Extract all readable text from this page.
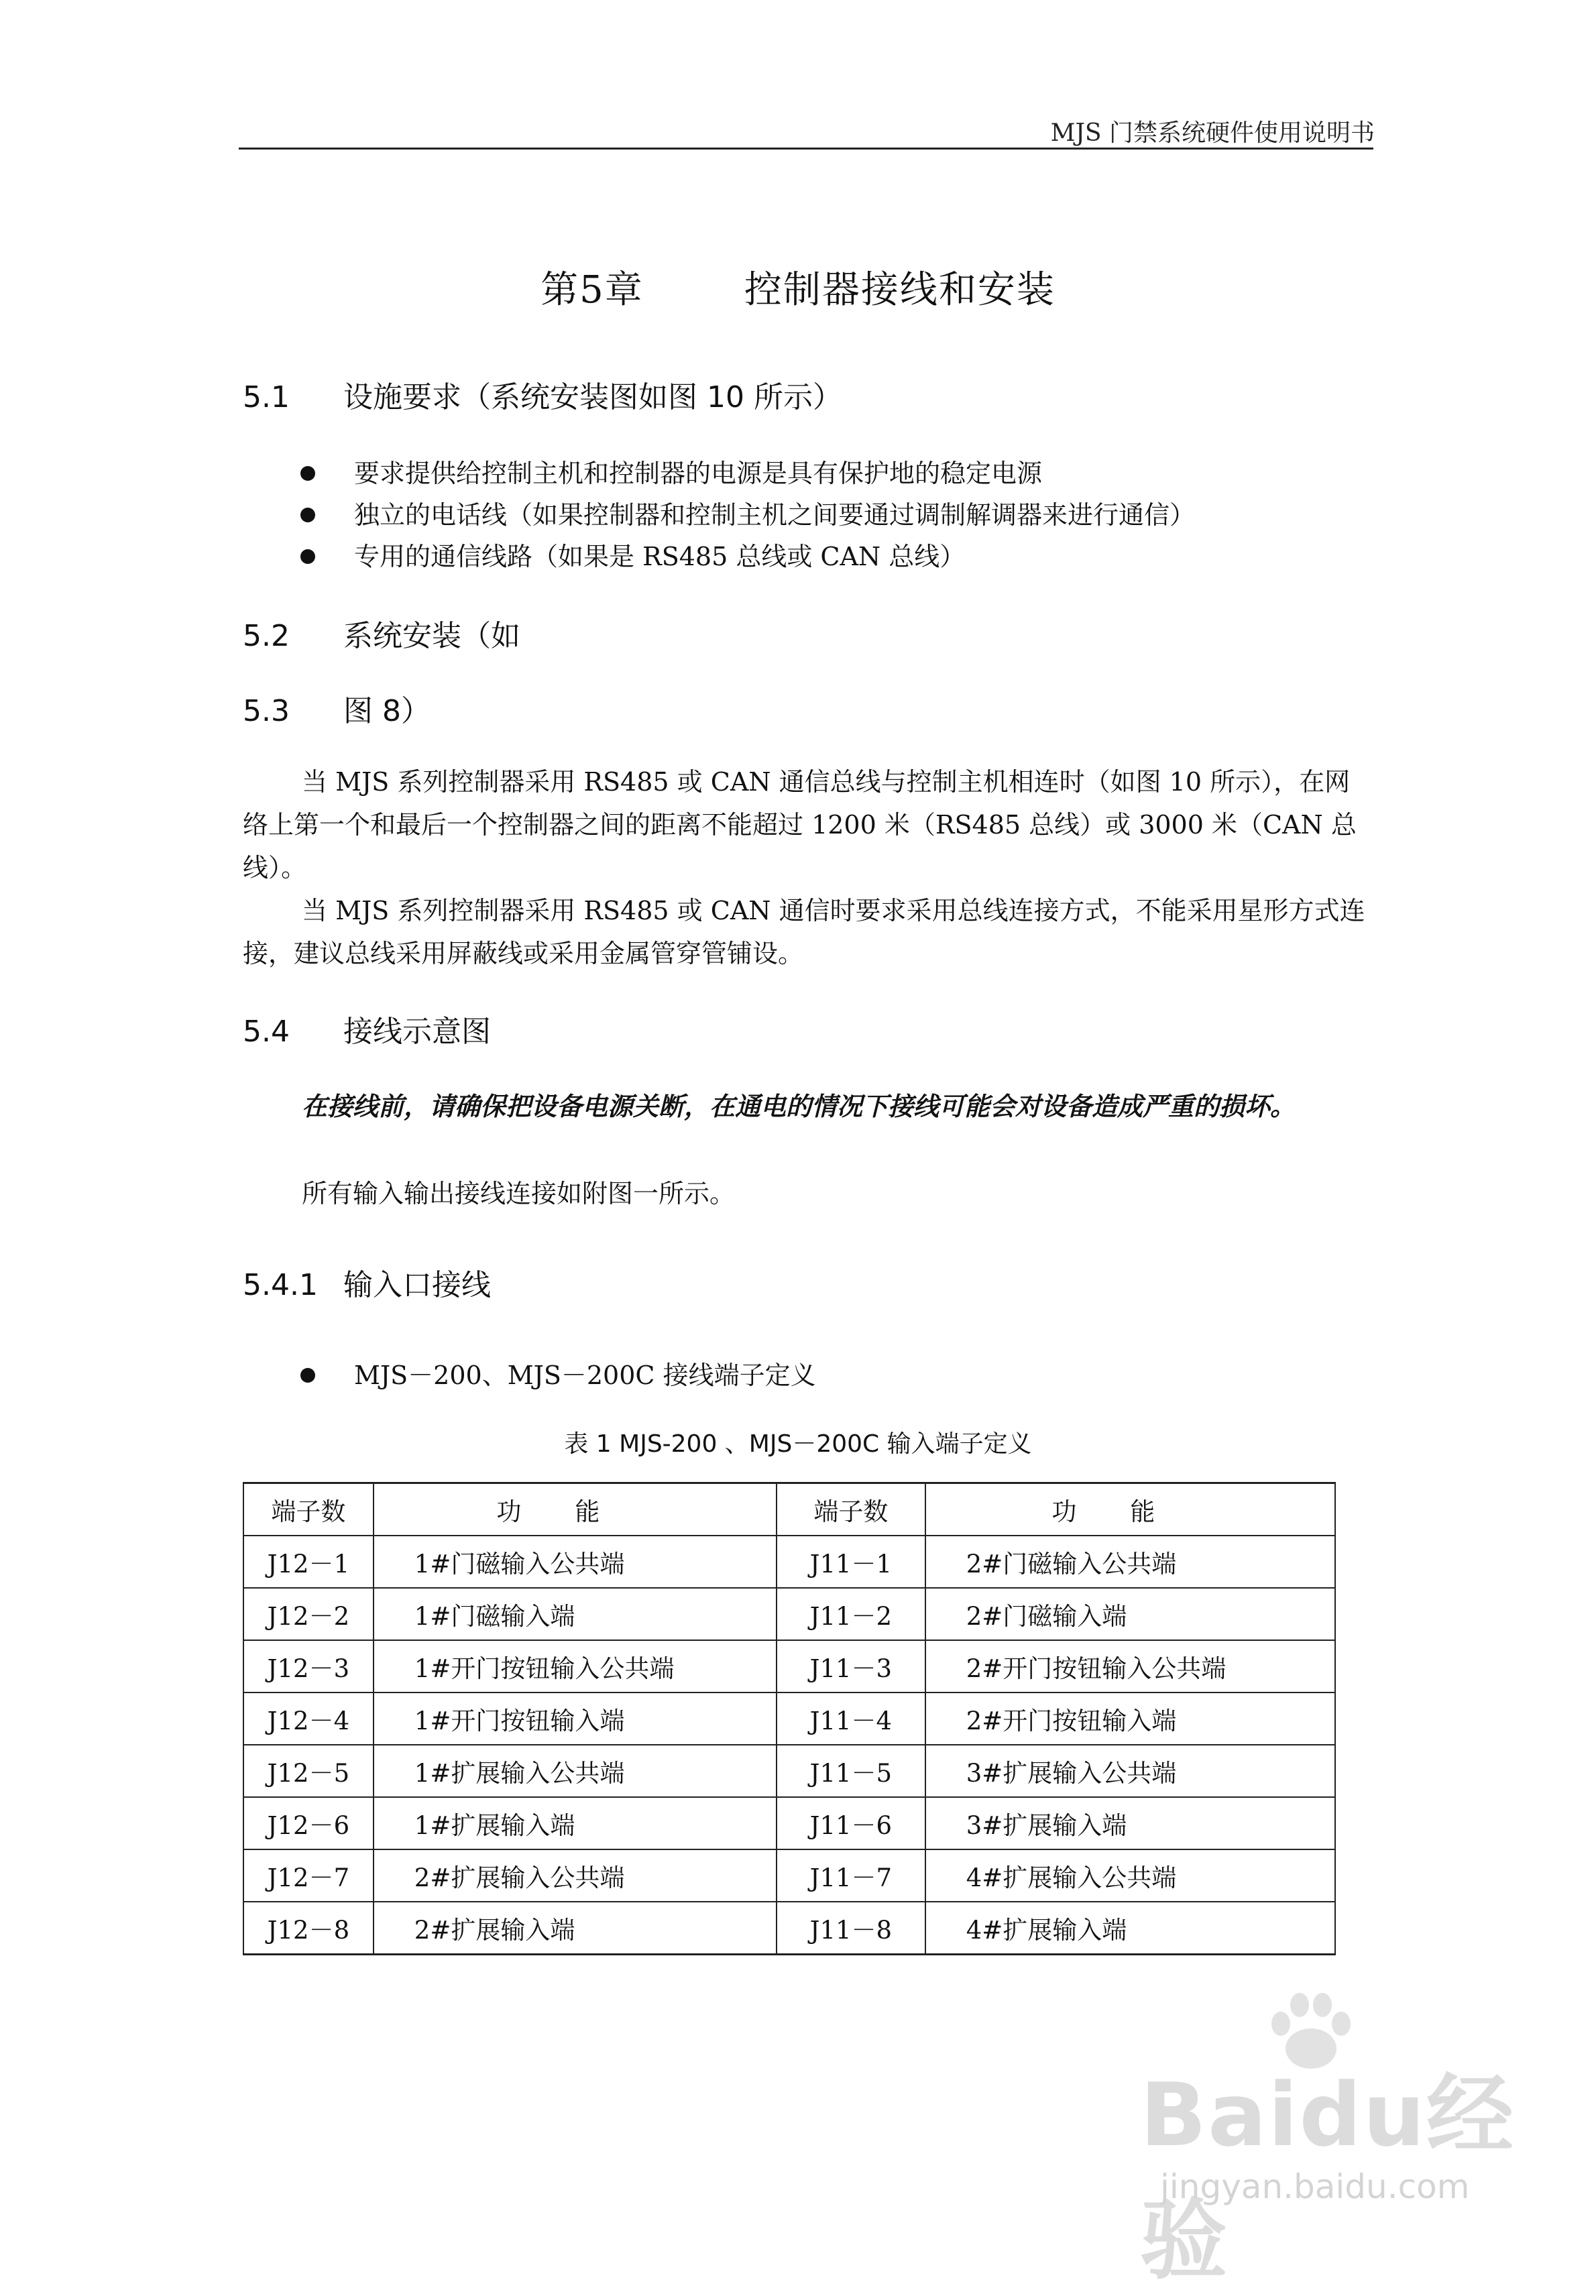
MJS 门禁系统硬件使用说明书
第5章	控制器接线和安装
5.1 设施要求（系统安装图如图 10 所示）
要求提供给控制主机和控制器的电源是具有保护地的稳定电源
独立的电话线（如果控制器和控制主机之间要通过调制解调器来进行通信）
专用的通信线路（如果是 RS485 总线或 CAN 总线）
5.2 系统安装（如
5.3 图 8）
当 MJS 系列控制器采用 RS485 或 CAN 通信总线与控制主机相连时（如图 10 所示），在网络上第一个和最后一个控制器之间的距离不能超过 1200 米（RS485 总线）或 3000 米（CAN 总线）。
当 MJS 系列控制器采用 RS485 或 CAN 通信时要求采用总线连接方式，不能采用星形方式连接，建议总线采用屏蔽线或采用金属管穿管铺设。
5.4 接线示意图
在接线前，请确保把设备电源关断，在通电的情况下接线可能会对设备造成严重的损坏。
所有输入输出接线连接如附图一所示。
5.4.1 输入口接线
MJS－200、MJS－200C 接线端子定义
表 1 MJS-200 、MJS－200C 输入端子定义
端子数	功能	端子数	功能
J12－1	1#门磁输入公共端	J11－1	2#门磁输入公共端
J12－2	1#门磁输入端	J11－2	2#门磁输入端
J12－3	1#开门按钮输入公共端	J11－3	2#开门按钮输入公共端
J12－4	1#开门按钮输入端	J11－4	2#开门按钮输入端
J12－5	1#扩展输入公共端	J11－5	3#扩展输入公共端
J12－6	1#扩展输入端	J11－6	3#扩展输入端
J12－7	2#扩展输入公共端	J11－7	4#扩展输入公共端
J12－8	2#扩展输入端	J11－8	4#扩展输入端
Baidu经验
jingyan.baidu.com
